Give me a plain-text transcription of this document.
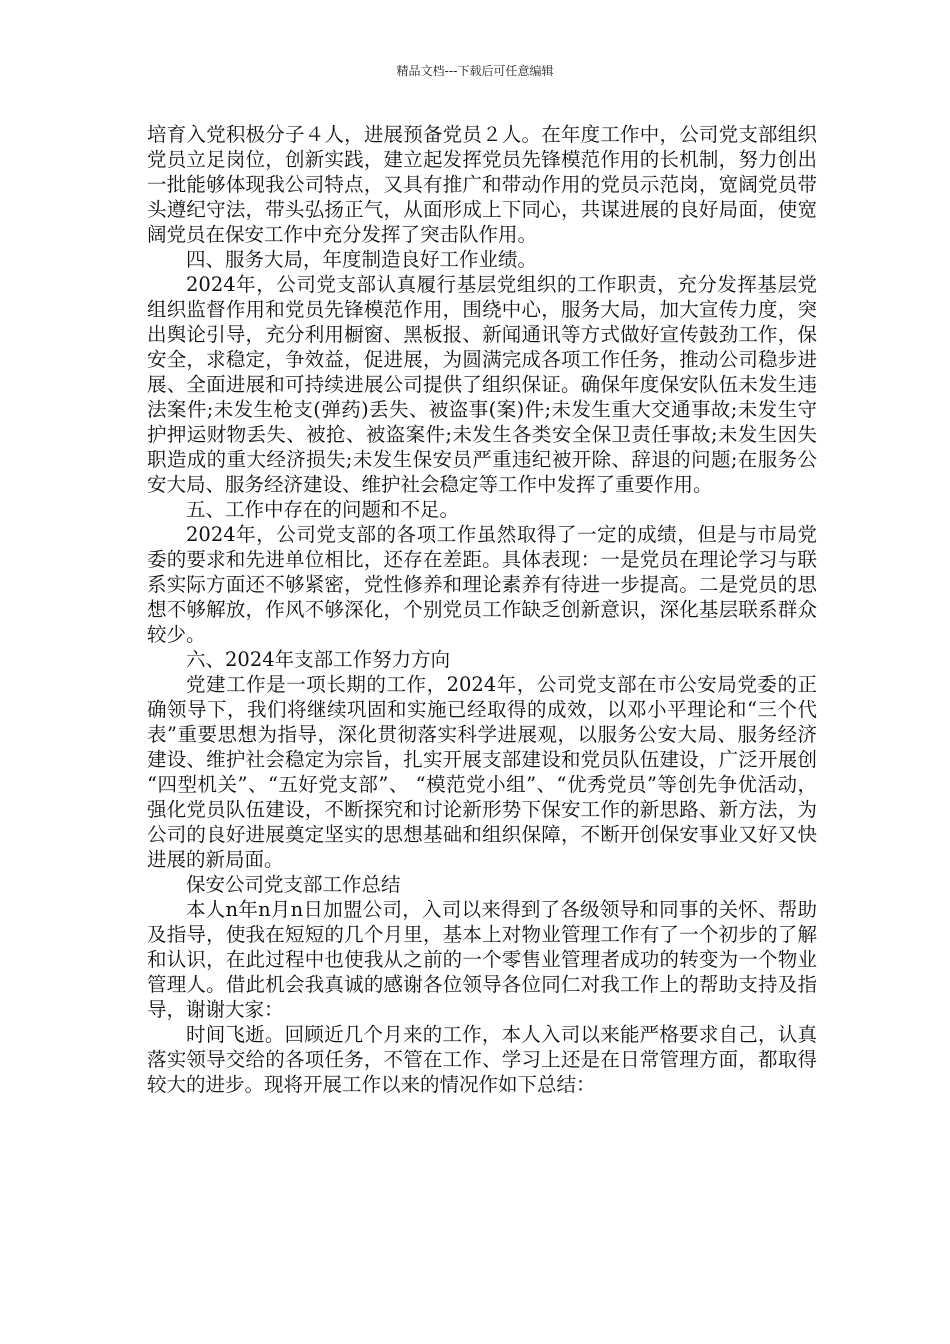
精品文档---下载后可任意编辑

培育入党积极分子４人，进展预备党员２人。在年度工作中，公司党支部组织党员立足岗位，创新实践，建立起发挥党员先锋模范作用的长机制，努力创出一批能够体现我公司特点，又具有推广和带动作用的党员示范岗，宽阔党员带头遵纪守法，带头弘扬正气，从面形成上下同心，共谋进展的良好局面，使宽阔党员在保安工作中充分发挥了突击队作用。

四、服务大局，年度制造良好工作业绩。

2024年，公司党支部认真履行基层党组织的工作职责，充分发挥基层党组织监督作用和党员先锋模范作用，围绕中心，服务大局，加大宣传力度，突出舆论引导，充分利用橱窗、黑板报、新闻通讯等方式做好宣传鼓劲工作，保安全，求稳定，争效益，促进展，为圆满完成各项工作任务，推动公司稳步进展、全面进展和可持续进展公司提供了组织保证。确保年度保安队伍未发生违法案件;未发生枪支(弹药)丢失、被盗事(案)件;未发生重大交通事故;未发生守护押运财物丢失、被抢、被盗案件;未发生各类安全保卫责任事故;未发生因失职造成的重大经济损失;未发生保安员严重违纪被开除、辞退的问题;在服务公安大局、服务经济建设、维护社会稳定等工作中发挥了重要作用。

五、工作中存在的问题和不足。

2024年，公司党支部的各项工作虽然取得了一定的成绩，但是与市局党委的要求和先进单位相比，还存在差距。具体表现：一是党员在理论学习与联系实际方面还不够紧密，党性修养和理论素养有待进一步提高。二是党员的思想不够解放，作风不够深化，个别党员工作缺乏创新意识，深化基层联系群众较少。

六、2024年支部工作努力方向

党建工作是一项长期的工作，2024年，公司党支部在市公安局党委的正确领导下，我们将继续巩固和实施已经取得的成效，以邓小平理论和“三个代表”重要思想为指导，深化贯彻落实科学进展观，以服务公安大局、服务经济建设、维护社会稳定为宗旨，扎实开展支部建设和党员队伍建设，广泛开展创 “四型机关”、“五好党支部”、 “模范党小组”、“优秀党员”等创先争优活动，强化党员队伍建设，不断探究和讨论新形势下保安工作的新思路、新方法，为公司的良好进展奠定坚实的思想基础和组织保障，不断开创保安事业又好又快进展的新局面。

保安公司党支部工作总结

本人n年n月n日加盟公司，入司以来得到了各级领导和同事的关怀、帮助及指导，使我在短短的几个月里，基本上对物业管理工作有了一个初步的了解和认识，在此过程中也使我从之前的一个零售业管理者成功的转变为一个物业管理人。借此机会我真诚的感谢各位领导各位同仁对我工作上的帮助支持及指导，谢谢大家：

时间飞逝。回顾近几个月来的工作，本人入司以来能严格要求自己，认真落实领导交给的各项任务，不管在工作、学习上还是在日常管理方面，都取得较大的进步。现将开展工作以来的情况作如下总结：
